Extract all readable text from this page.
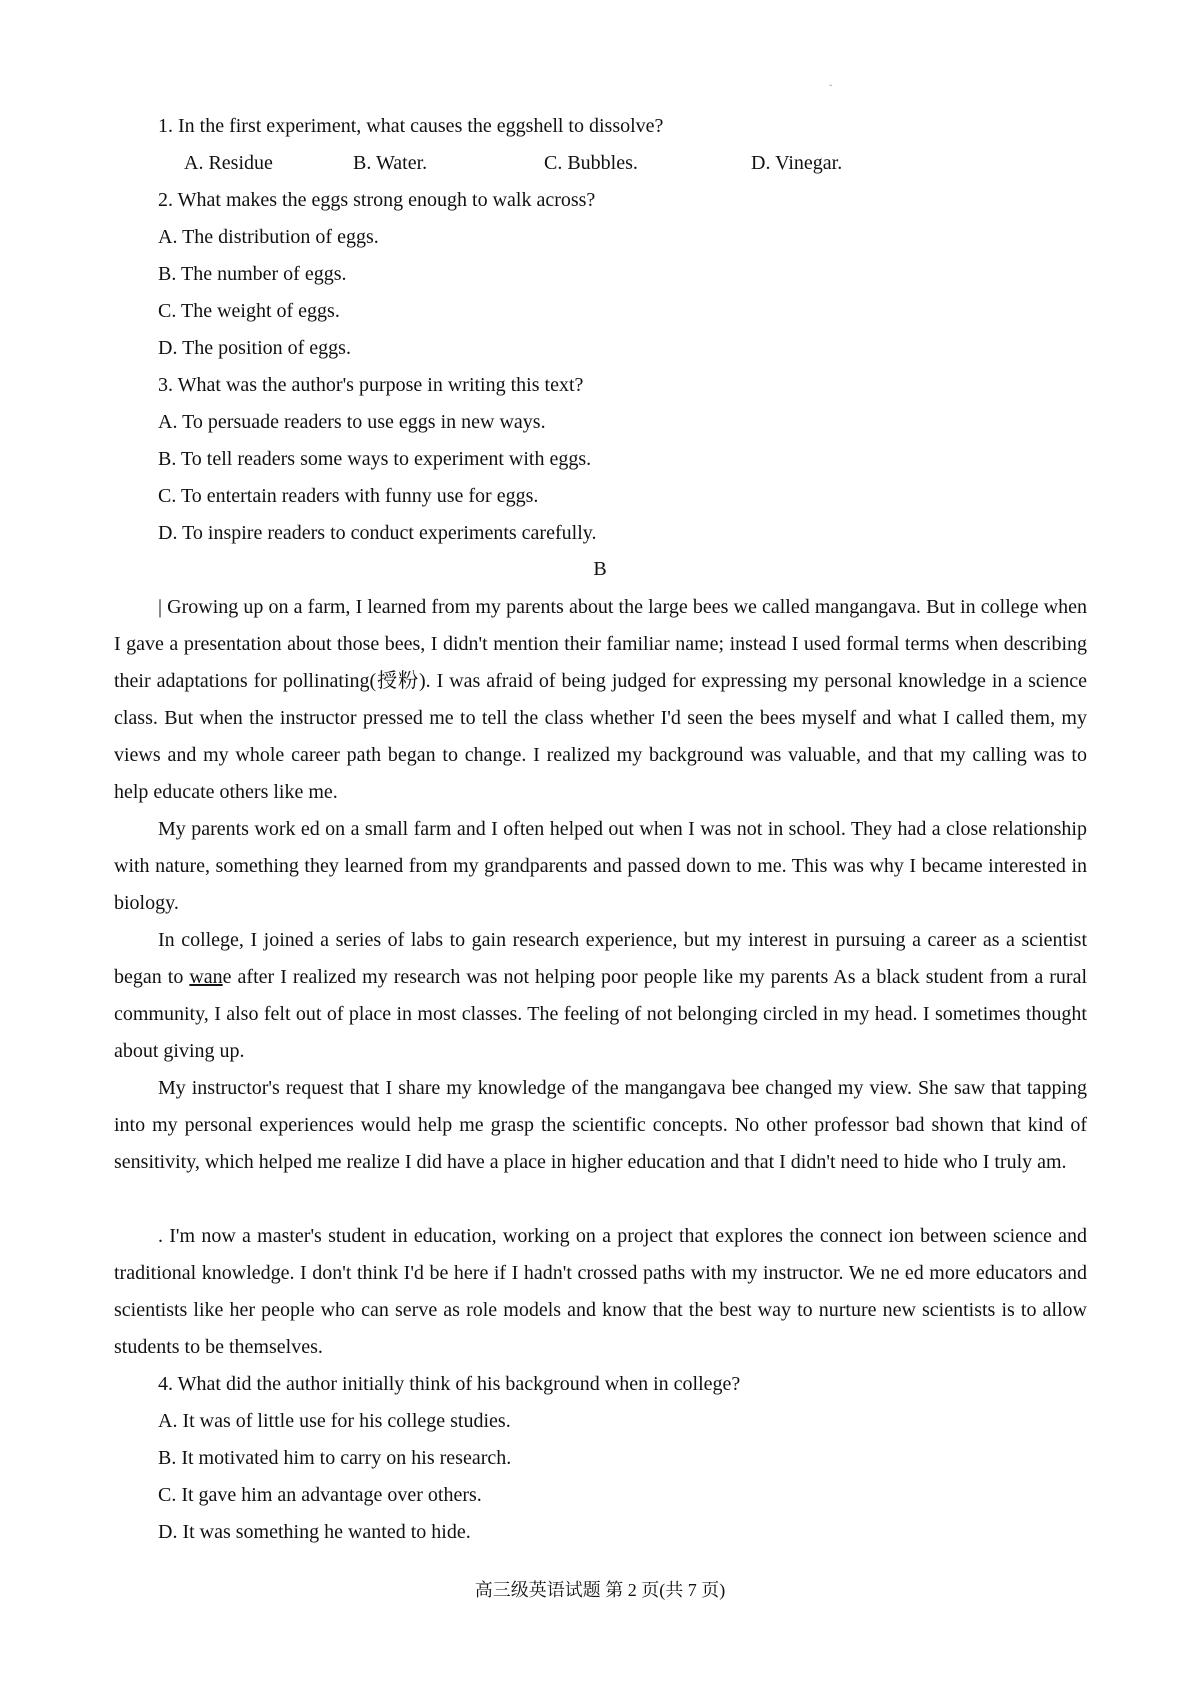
ˇ
1. In the first experiment, what causes the eggshell to dissolve?
A. Residue	B. Water.	C. Bubbles.	D. Vinegar.
2. What makes the eggs strong enough to walk across?
A. The distribution of eggs.
B. The number of eggs.
C. The weight of eggs.
D. The position of eggs.
3. What was the author's purpose in writing this text?
A. To persuade readers to use eggs in new ways.
B. To tell readers some ways to experiment with eggs.
C. To entertain readers with funny use for eggs.
D. To inspire readers to conduct experiments carefully.
B
| Growing up on a farm, I learned from my parents about the large bees we called mangangava. But in college when I gave a presentation about those bees, I didn't mention their familiar name; instead I used formal terms when describing their adaptations for pollinating(授粉). I was afraid of being judged for expressing my personal knowledge in a science class. But when the instructor pressed me to tell the class whether I'd seen the bees myself and what I called them, my views and my whole career path began to change. I realized my background was valuable, and that my calling was to help educate others like me.
My parents work ed on a small farm and I often helped out when I was not in school. They had a close relationship with nature, something they learned from my grandparents and passed down to me. This was why I became interested in biology.
In college, I joined a series of labs to gain research experience, but my interest in pursuing a career as a scientist began to wane after I realized my research was not helping poor people like my parents As a black student from a rural community, I also felt out of place in most classes. The feeling of not belonging circled in my head. I sometimes thought about giving up.
My instructor's request that I share my knowledge of the mangangava bee changed my view. She saw that tapping into my personal experiences would help me grasp the scientific concepts. No other professor bad shown that kind of sensitivity, which helped me realize I did have a place in higher education and that I didn't need to hide who I truly am.
. I'm now a master's student in education, working on a project that explores the connect ion between science and traditional knowledge. I don't think I'd be here if I hadn't crossed paths with my instructor. We ne ed more educators and scientists like her people who can serve as role models and know that the best way to nurture new scientists is to allow students to be themselves.
4. What did the author initially think of his background when in college?
A. It was of little use for his college studies.
B. It motivated him to carry on his research.
C. It gave him an advantage over others.
D. It was something he wanted to hide.
高三级英语试题 第 2 页(共 7 页)
